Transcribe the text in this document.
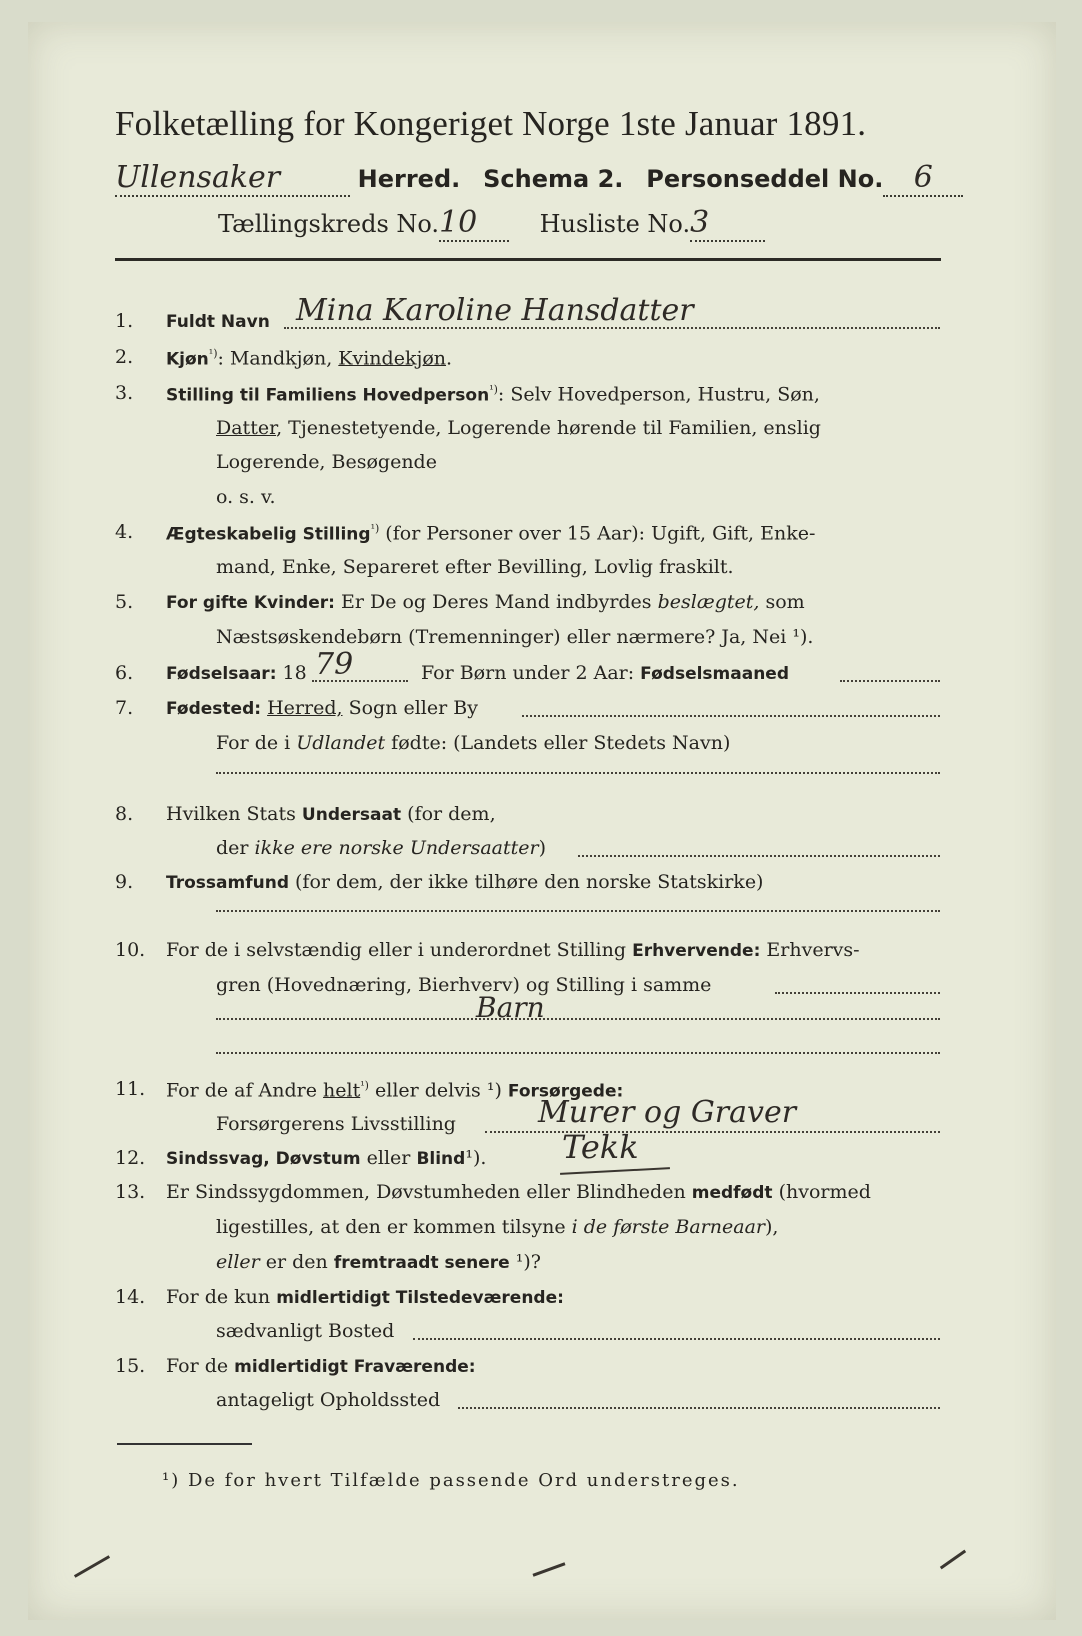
Folketælling for Kongeriget Norge 1ste Januar 1891.
Ullensaker	Herred. Schema 2. Personseddel No. 6
Tællingskreds No.10	Husliste No.3
1. Fuldt Navn Mina Karoline Hansdatter
2. Kjøn$^{^1)}$: Mandkjøn, Kvindekjøn.
3. Stilling til Familiens Hovedperson$^{^1)}$: Selv Hovedperson, Hustru, Søn,
Datter, Tjenestetyende, Logerende hørende til Familien, enslig
Logerende, Besøgende
o. s. v.
4. Ægteskabelig Stilling$^{^1)}$ (for Personer over 15 Aar): Ugift, Gift, Enke-
mand, Enke, Separeret efter Bevilling, Lovlig fraskilt.
5. For gifte Kvinder: Er De og Deres Mand indbyrdes beslægtet, som
Næstsøskendebørn (Tremenninger) eller nærmere? Ja, Nei ¹).
6. Fødselsaar: 18 79	For Børn under 2 Aar: Fødselsmaaned
7. Fødested: Herred, Sogn eller By
For de i Udlandet fødte: (Landets eller Stedets Navn)
8. Hvilken Stats Undersaat (for dem,
der ikke ere norske Undersaatter)
9. Trossamfund (for dem, der ikke tilhøre den norske Statskirke)
10. For de i selvstændig eller i underordnet Stilling Erhvervende: Erhvervs-
gren (Hovednæring, Bierhverv) og Stilling i samme
Barn
11. For de af Andre helt$^{^1)}$ eller delvis ¹) Forsørgede:
Forsørgerens Livsstilling	Murer og Graver
12. Sindssvag, Døvstum eller Blind¹). Tekk
13. Er Sindssygdommen, Døvstumheden eller Blindheden medfødt (hvormed
ligestilles, at den er kommen tilsyne i de første Barneaar),
eller er den fremtraadt senere ¹)?
14. For de kun midlertidigt Tilstedeværende:
sædvanligt Bosted
15. For de midlertidigt Fraværende:
antageligt Opholdssted
¹) De for hvert Tilfælde passende Ord understreges.
